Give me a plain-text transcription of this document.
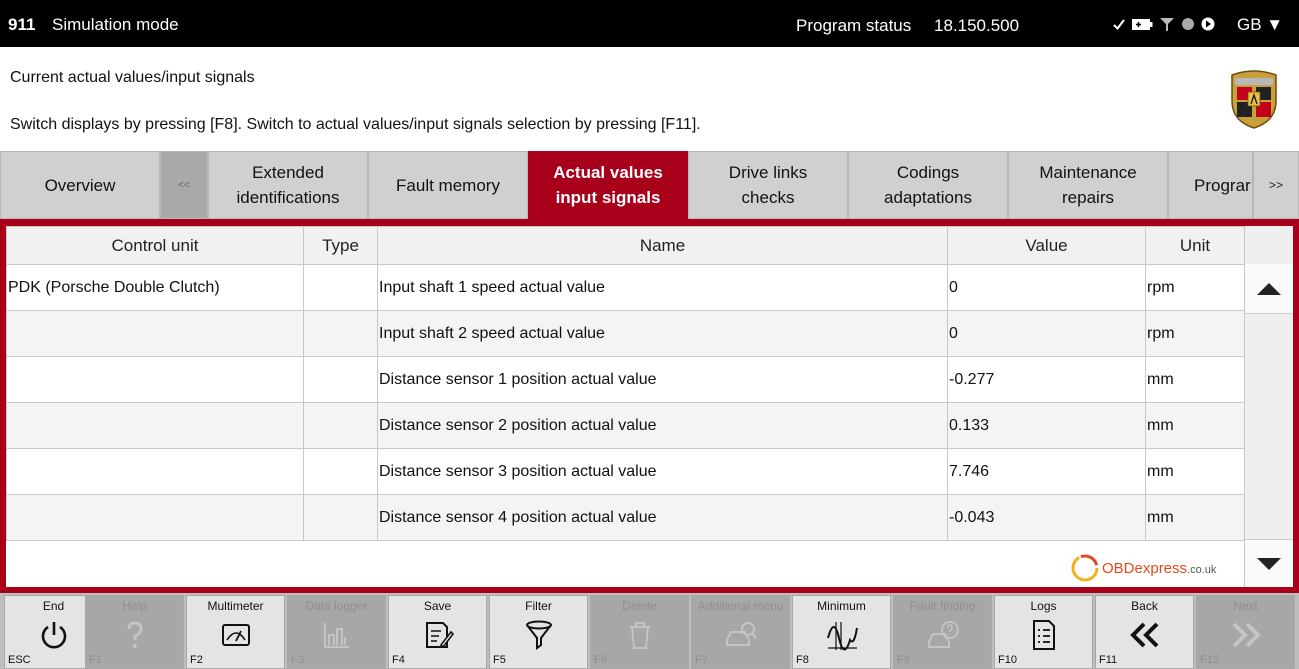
911 Simulation mode	Program status 18.150.500	GB ▼
Current actual values/input signals
Switch displays by pressing [F8]. Switch to actual values/input signals selection by pressing [F11].
Overview	<<
Extended
identifications
Fault memory
Actual values
input signals
Drive links
checks
Codings
adaptations
Maintenance
repairs
Prograr >>
Control unit	Type	Name	Value	Unit
PDK (Porsche Double Clutch)		Input shaft 1 speed actual value	0	rpm
		Input shaft 2 speed actual value	0	rpm
		Distance sensor 1 position actual value	-0.277	mm
		Distance sensor 2 position actual value	0.133	mm
		Distance sensor 3 position actual value	7.746	mm
		Distance sensor 4 position actual value	-0.043	mm
OBDexpress.co.uk
End
ESC
Help
F1
Multimeter
F2
Data logger
F3
Save
F4
Filter
F5
Delete
F6
Additional menu
F7
Minimum
F8
Fault finding
F9
Logs
F10
Back
F11
Next
F12
